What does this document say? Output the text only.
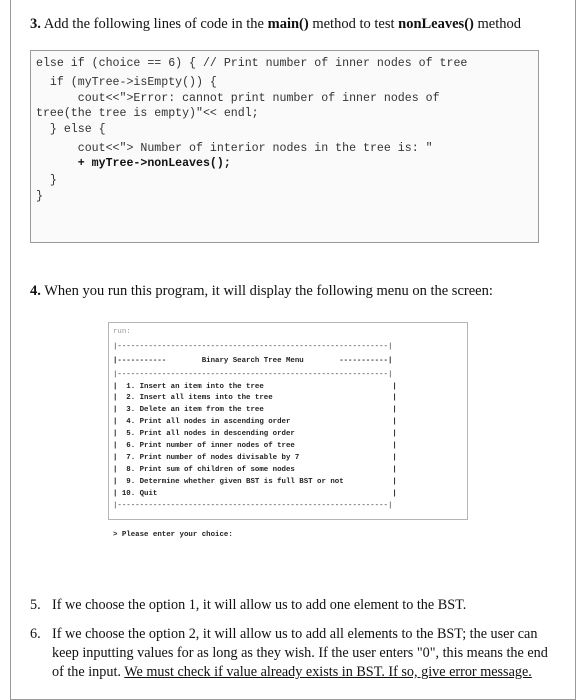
3. Add the following lines of code in the main() method to test nonLeaves() method
else if (choice == 6) { // Print number of inner nodes of tree
if (myTree->isEmpty()) {
cout<<">Error: cannot print number of inner nodes of
tree(the tree is empty)"<< endl;
} else {
cout<<"> Number of interior nodes in the tree is: "
+ myTree->nonLeaves();
}
}
4. When you run this program, it will display the following menu on the screen:
run:
|-------------------------------------------------------------|
|-----------        Binary Search Tree Menu        -----------|
|-------------------------------------------------------------|
|  1. Insert an item into the tree                             |
|  2. Insert all items into the tree                           |
|  3. Delete an item from the tree                             |
|  4. Print all nodes in ascending order                       |
|  5. Print all nodes in descending order                      |
|  6. Print number of inner nodes of tree                      |
|  7. Print number of nodes divisable by 7                     |
|  8. Print sum of children of some nodes                      |
|  9. Determine whether given BST is full BST or not           |
| 10. Quit                                                     |
|-------------------------------------------------------------|
> Please enter your choice:
5. If we choose the option 1, it will allow us to add one element to the BST.
6. If we choose the option 2, it will allow us to add all elements to the BST; the user can keep inputting values for as long as they wish. If the user enters "0", this means the end of the input. We must check if value already exists in BST. If so, give error message.
